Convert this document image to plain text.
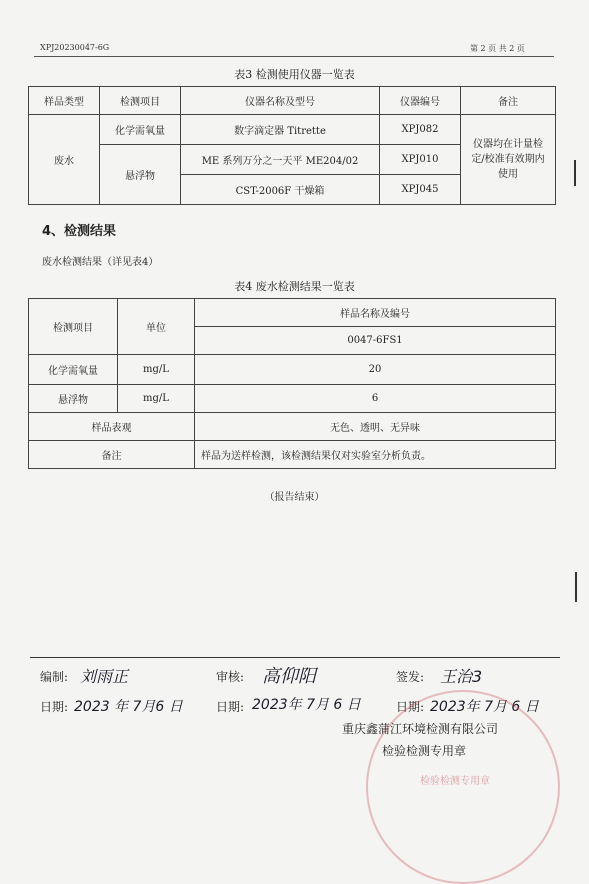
XPJ20230047-6G	第 2 页 共 2 页
表3 检测使用仪器一览表
样品类型	检测项目	仪器名称及型号	仪器编号	备注
废水	化学需氧量	数字滴定器 Titrette	XPJ082	仪器均在计量检定/校准有效期内使用
	悬浮物	ME 系列万分之一天平 ME204/02	XPJ010	
		CST-2006F 干燥箱	XPJ045	
4、检测结果
废水检测结果（详见表4）
表4 废水检测结果一览表
检测项目	单位	样品名称及编号
		0047-6FS1
化学需氧量	mg/L	20
悬浮物	mg/L	6
样品表观		无色、透明、无异味
备注		样品为送样检测，该检测结果仅对实验室分析负责。
（报告结束）
编制: 刘雨正	审核: 高仰阳	签发: 王治3
日期: 2023 年 7月6 日	日期: 2023年 7月 6 日	日期: 2023年 7月 6 日
重庆鑫蒲江环境检测有限公司
检验检测专用章
检验检测专用章
